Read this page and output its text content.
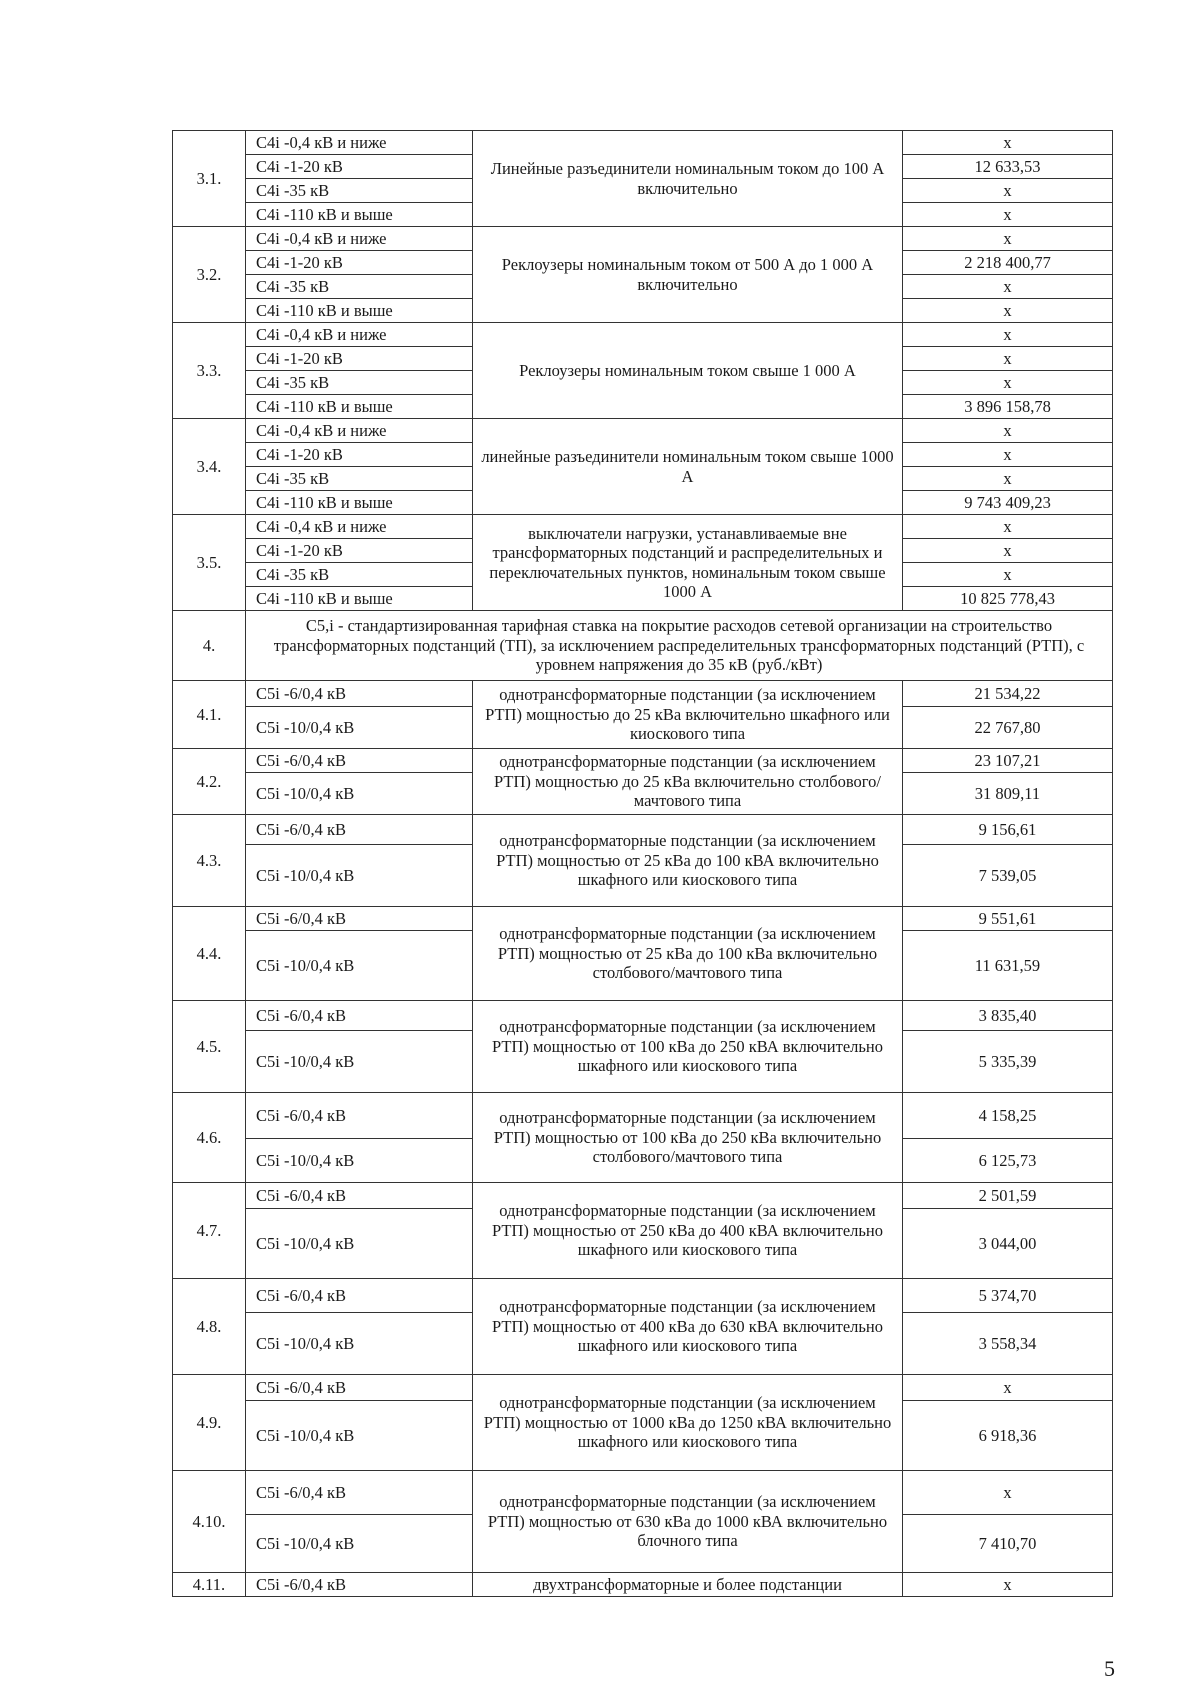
3.1.	C4i -0,4 кВ и ниже	Линейные разъединители номинальным током до 100 А включительно	х
	C4i -1-20 кВ		12 633,53
	C4i -35 кВ		х
	C4i -110 кВ и выше		х
3.2.	C4i -0,4 кВ и ниже	Реклоузеры номинальным током от 500 А до 1 000 А включительно	х
	C4i -1-20 кВ		2 218 400,77
	C4i -35 кВ		х
	C4i -110 кВ и выше		х
3.3.	C4i -0,4 кВ и ниже	Реклоузеры номинальным током свыше 1 000 А	х
	C4i -1-20 кВ		х
	C4i -35 кВ		х
	C4i -110 кВ и выше		3 896 158,78
3.4.	C4i -0,4 кВ и ниже	линейные разъединители номинальным током свыше 1000 А	х
	C4i -1-20 кВ		х
	C4i -35 кВ		х
	C4i -110 кВ и выше		9 743 409,23
3.5.	C4i -0,4 кВ и ниже	выключатели нагрузки, устанавливаемые вне трансформаторных подстанций и распределительных и переключательных пунктов, номинальным током свыше 1000 А	х
	C4i -1-20 кВ		х
	C4i -35 кВ		х
	C4i -110 кВ и выше		10 825 778,43
4.	С5,i - стандартизированная тарифная ставка на покрытие расходов сетевой организации на строительство трансформаторных подстанций (ТП), за исключением распределительных трансформаторных подстанций (РТП), с уровнем напряжения до 35 кВ (руб./кВт)		
4.1.	C5i -6/0,4 кВ	однотрансформаторные подстанции (за исключением РТП) мощностью до 25 кВа включительно шкафного или киоскового типа	21 534,22
	C5i -10/0,4 кВ		22 767,80
4.2.	C5i -6/0,4 кВ	однотрансформаторные подстанции (за исключением РТП) мощностью до 25 кВа включительно столбового/мачтового типа	23 107,21
	C5i -10/0,4 кВ		31 809,11
4.3.	C5i -6/0,4 кВ	однотрансформаторные подстанции (за исключением РТП) мощностью от 25 кВа до 100 кВА включительно шкафного или киоскового типа	9 156,61
	C5i -10/0,4 кВ		7 539,05
4.4.	C5i -6/0,4 кВ	однотрансформаторные подстанции (за исключением РТП) мощностью от 25 кВа до 100 кВа включительно столбового/мачтового типа	9 551,61
	C5i -10/0,4 кВ		11 631,59
4.5.	C5i -6/0,4 кВ	однотрансформаторные подстанции (за исключением РТП) мощностью от 100 кВа до 250 кВА включительно шкафного или киоскового типа	3 835,40
	C5i -10/0,4 кВ		5 335,39
4.6.	C5i -6/0,4 кВ	однотрансформаторные подстанции (за исключением РТП) мощностью от 100 кВа до 250 кВа включительно столбового/мачтового типа	4 158,25
	C5i -10/0,4 кВ		6 125,73
4.7.	C5i -6/0,4 кВ	однотрансформаторные подстанции (за исключением РТП) мощностью от 250 кВа до 400 кВА включительно шкафного или киоскового типа	2 501,59
	C5i -10/0,4 кВ		3 044,00
4.8.	C5i -6/0,4 кВ	однотрансформаторные подстанции (за исключением РТП) мощностью от 400 кВа до 630 кВА включительно шкафного или киоскового типа	5 374,70
	C5i -10/0,4 кВ		3 558,34
4.9.	C5i -6/0,4 кВ	однотрансформаторные подстанции (за исключением РТП) мощностью от 1000 кВа до 1250 кВА включительно шкафного или киоскового типа	х
	C5i -10/0,4 кВ		6 918,36
4.10.	C5i -6/0,4 кВ	однотрансформаторные подстанции (за исключением РТП) мощностью от 630 кВа до 1000 кВА включительно блочного типа	х
	C5i -10/0,4 кВ		7 410,70
4.11.	C5i -6/0,4 кВ	двухтрансформаторные и более подстанции	х
5
